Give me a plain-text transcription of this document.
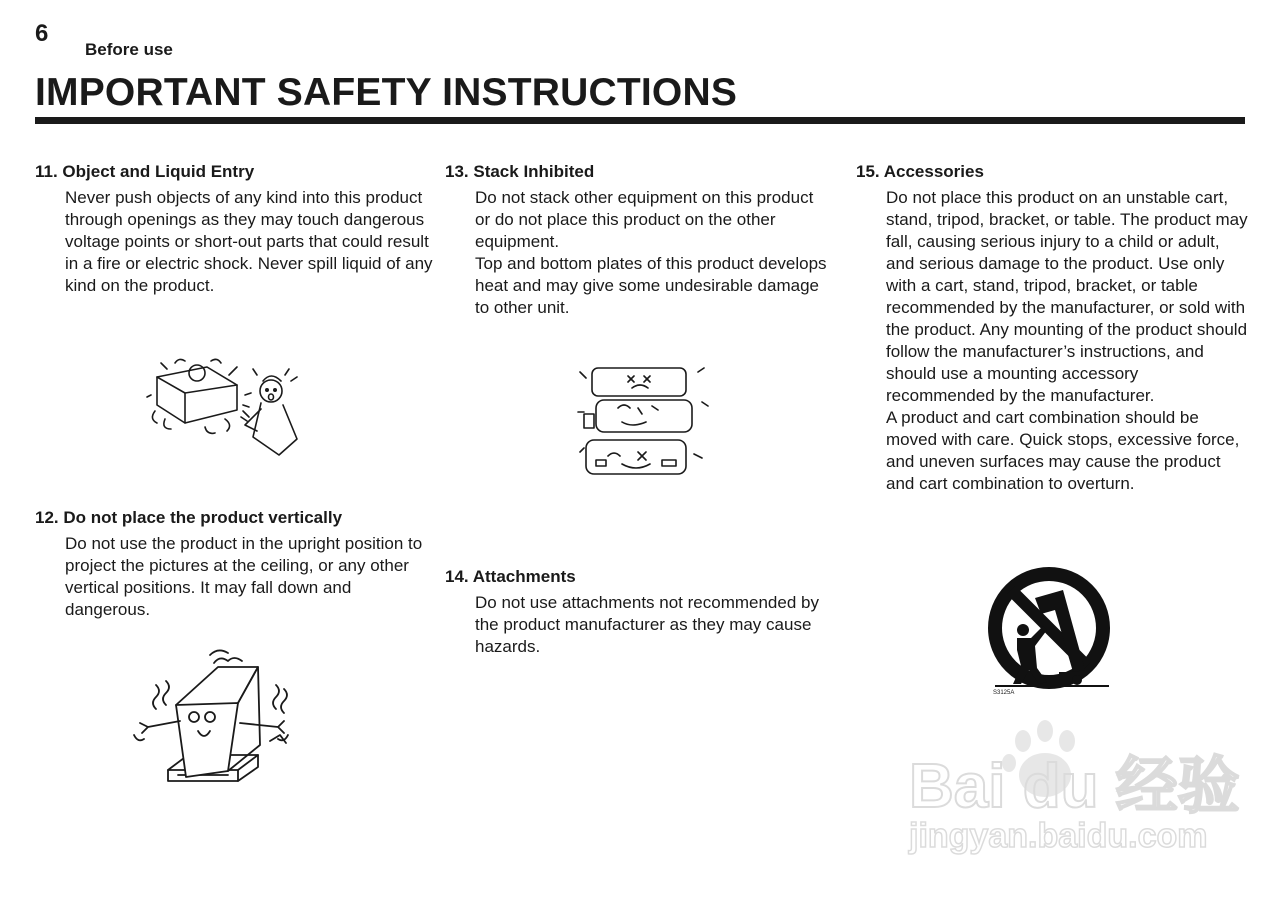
6
Before use
IMPORTANT SAFETY INSTRUCTIONS
11. Object and Liquid Entry

Never push objects of any kind into this product through openings as they may touch dangerous voltage points or short-out parts that could result in a fire or electric shock. Never spill liquid of any kind on the product.

12. Do not place the product vertically

Do not use the product in the upright position to project the pictures at the ceiling, or any other vertical positions. It may fall down and dangerous.

13. Stack Inhibited

Do not stack other equipment on this product or do not place this product on the other equipment.

Top and bottom plates of this product develops heat and may give some undesirable damage to other unit.

14. Attachments

Do not use attachments not recommended by the product manufacturer as they may cause hazards.

15. Accessories

Do not place this product on an unstable cart, stand, tripod, bracket, or table. The product may fall, causing serious injury to a child or adult, and serious damage to the product. Use only with a cart, stand, tripod, bracket, or table recommended by the manufacturer, or sold with the product. Any mounting of the product should follow the manufacturer’s instructions, and should use a mounting accessory recommended by the manufacturer.

A product and cart combination should be moved with care. Quick stops, excessive force, and uneven surfaces may cause the product and cart combination to overturn.

S3125A
Bai du 经验
jingyan.baidu.com
